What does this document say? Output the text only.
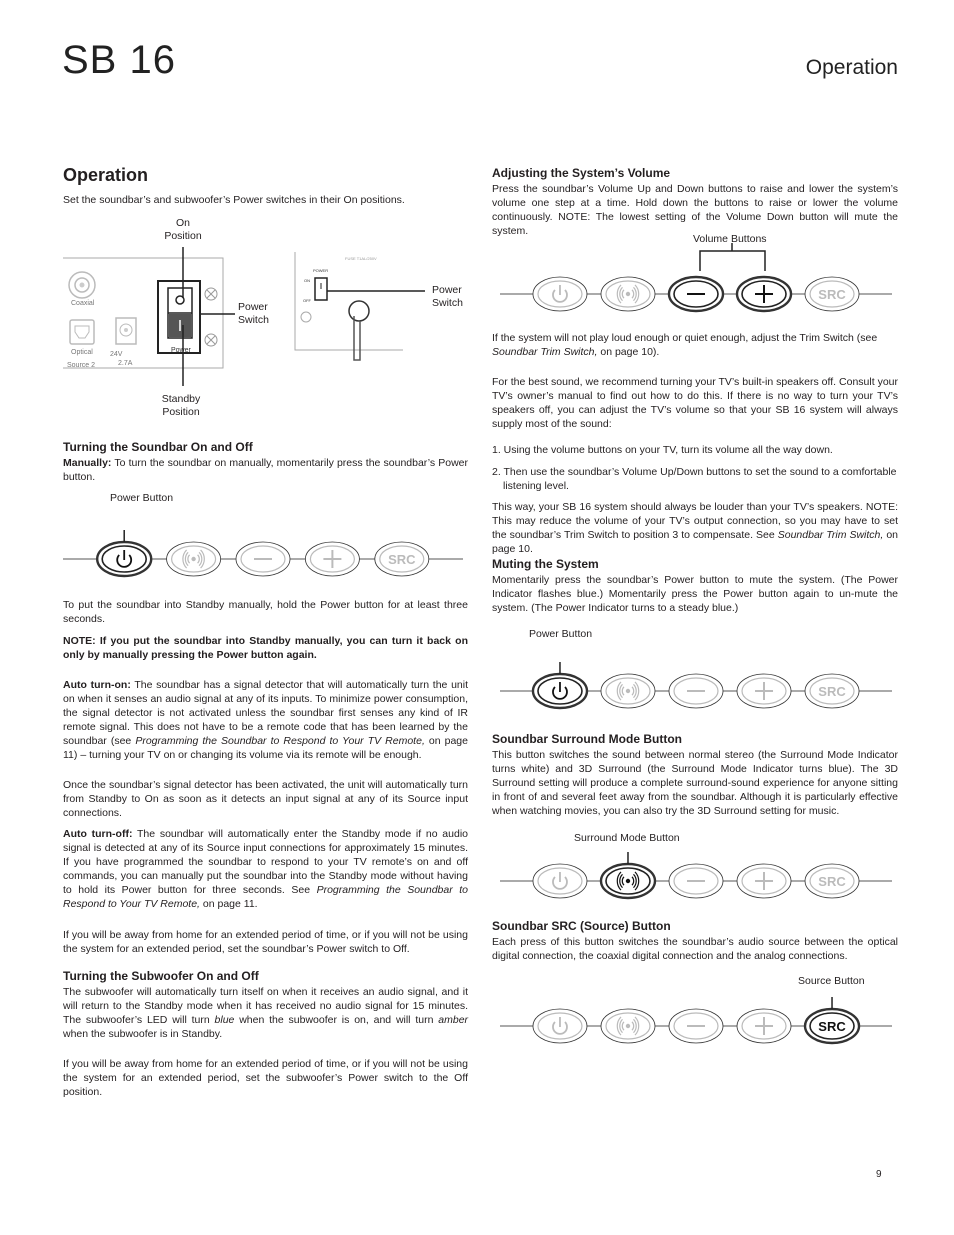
SB 16	Operation
Operation

Set the soundbar’s and subwoofer’s Power switches in their On positions.

On
Position
Standby
Position
Power
Switch
Power
Switch
Coaxial
Optical
Source 2
24V
2.7A
Power
FUSE T1AL/250V
POWER
ON
OFF
Turning the Soundbar On and Off

Manually: To turn the soundbar on manually, momentarily press the soundbar’s Power button.

Power Button
SRC

To put the soundbar into Standby manually, hold the Power button for at least three seconds.

NOTE: If you put the soundbar into Standby manually, you can turn it back on only by manually pressing the Power button again.

Auto turn-on: The soundbar has a signal detector that will automatically turn the unit on when it senses an audio signal at any of its inputs. To minimize power consumption, the signal detector is not activated unless the soundbar first senses any kind of IR remote signal. This does not have to be a remote code that has been learned by the soundbar (see Programming the Soundbar to Respond to Your TV Remote, on page 11) – turning your TV on or changing its volume via its remote will be enough.

Once the soundbar’s signal detector has been activated, the unit will automatically turn from Standby to On as soon as it detects an input signal at any of its Source input connections.

Auto turn-off: The soundbar will automatically enter the Standby mode if no audio signal is detected at any of its Source input connections for approximately 15 minutes. If you have programmed the soundbar to respond to your TV remote’s on and off commands, you can manually put the soundbar into the Standby mode without having to hold its Power button for three seconds. See Programming the Soundbar to Respond to Your TV Remote, on page 11.

If you will be away from home for an extended period of time, or if you will not be using the system for an extended period, set the soundbar’s Power switch to Off.

Turning the Subwoofer On and Off

The subwoofer will automatically turn itself on when it receives an audio signal, and it will return to the Standby mode when it has received no audio signal for 15 minutes. The subwoofer’s LED will turn blue when the subwoofer is on, and will turn amber when the subwoofer is in Standby.

If you will be away from home for an extended period of time, or if you will not be using the system for an extended period, set the subwoofer’s Power switch to the Off position.

Adjusting the System’s Volume

Press the soundbar’s Volume Up and Down buttons to raise and lower the system’s volume one step at a time. Hold down the buttons to raise or lower the volume continuously. NOTE: The lowest setting of the Volume Down button will mute the system.

Volume Buttons
SRC

If the system will not play loud enough or quiet enough, adjust the Trim Switch (see Soundbar Trim Switch, on page 10).

For the best sound, we recommend turning your TV’s built-in speakers off. Consult your TV’s owner’s manual to find out how to do this. If there is no way to turn your TV’s speakers off, you can adjust the TV’s volume so that your SB 16 system will always supply most of the sound:

1. Using the volume buttons on your TV, turn its volume all the way down.

2. Then use the soundbar’s Volume Up/Down buttons to set the sound to a comfortable
listening level.

This way, your SB 16 system should always be louder than your TV’s speakers. NOTE: This may reduce the volume of your TV’s output connection, so you may have to set the soundbar’s Trim Switch to position 3 to compensate. See Soundbar Trim Switch, on page 10.

Muting the System

Momentarily press the soundbar’s Power button to mute the system. (The Power Indicator flashes blue.) Momentarily press the Power button again to un-mute the system. (The Power Indicator turns to a steady blue.)

Power Button
SRC
Soundbar Surround Mode Button

This button switches the sound between normal stereo (the Surround Mode Indicator turns white) and 3D Surround (the Surround Mode Indicator turns blue). The 3D Surround setting will produce a complete surround-sound experience for anyone sitting in front of and several feet away from the soundbar. Although it is particularly effective when watching movies, you can also try the 3D Surround setting for music.

Surround Mode Button
SRC
Soundbar SRC (Source) Button

Each press of this button switches the soundbar’s audio source between the optical digital connection, the coaxial digital connection and the analog connections.

Source Button
SRC
9
